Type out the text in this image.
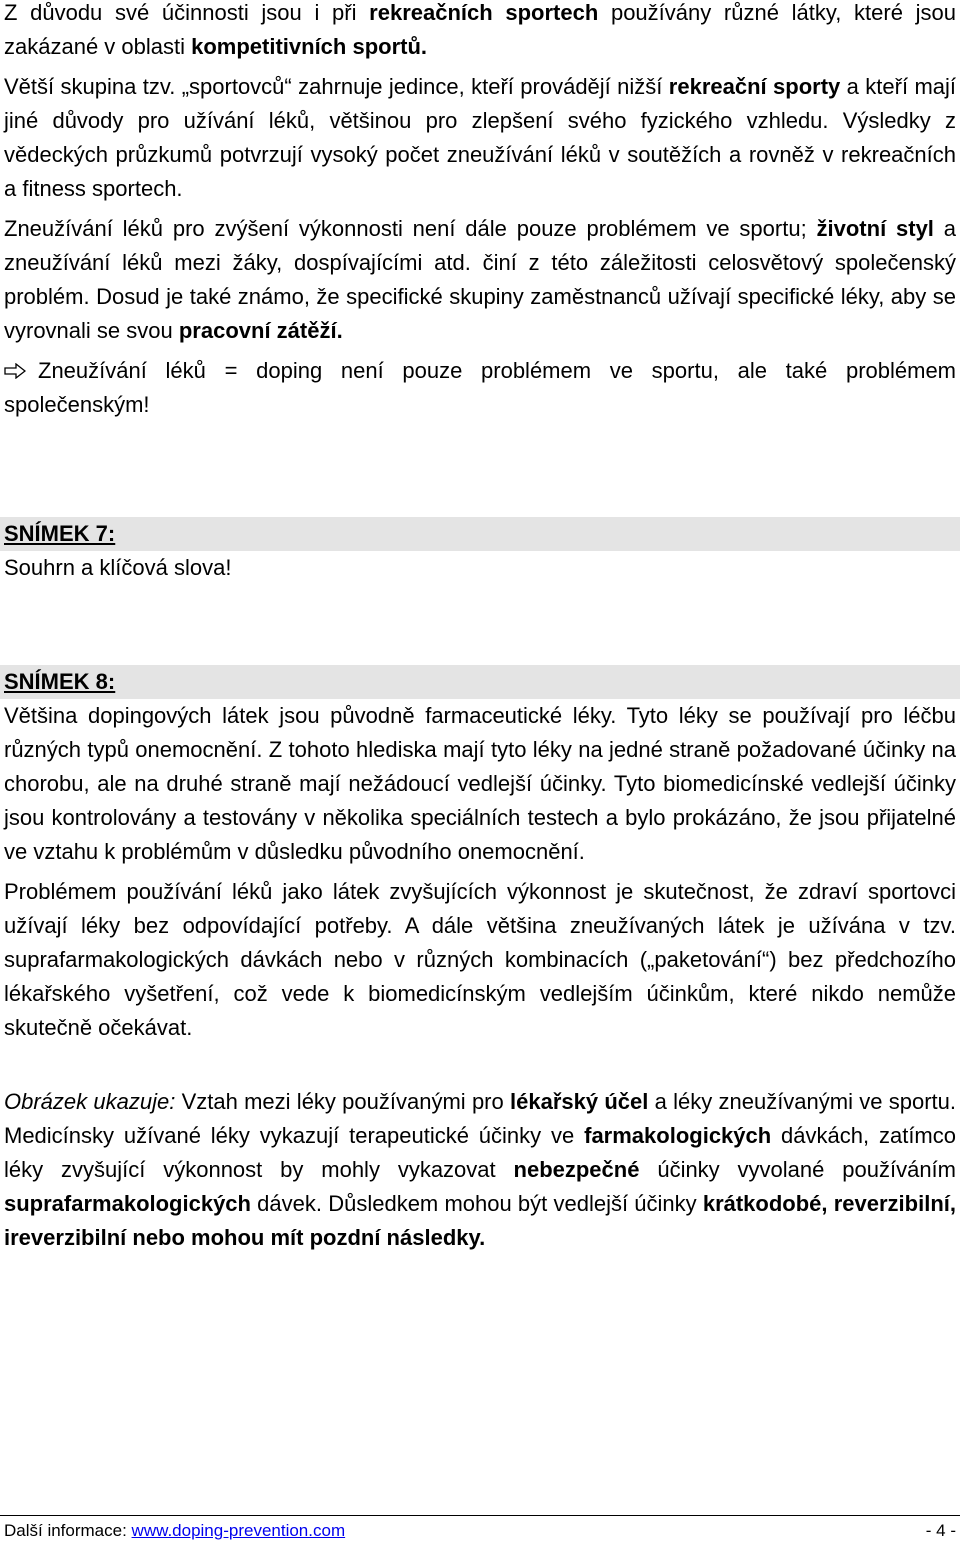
Z důvodu své účinnosti jsou i při rekreačních sportech používány různé látky, které jsou zakázané v oblasti kompetitivních sportů.

Větší skupina tzv. „sportovců“ zahrnuje jedince, kteří provádějí nižší rekreační sporty a kteří mají jiné důvody pro užívání léků, většinou pro zlepšení svého fyzického vzhledu. Výsledky z vědeckých průzkumů potvrzují vysoký počet zneužívání léků v soutěžích a rovněž v rekreačních a fitness sportech.

Zneužívání léků pro zvýšení výkonnosti není dále pouze problémem ve sportu; životní styl a zneužívání léků mezi žáky, dospívajícími atd. činí z této záležitosti celosvětový společenský problém. Dosud je také známo, že specifické skupiny zaměstnanců užívají specifické léky, aby se vyrovnali se svou pracovní zátěží.

Zneužívání léků = doping není pouze problémem ve sportu, ale také problémem společenským!

SNÍMEK 7:

Souhrn a klíčová slova!

SNÍMEK 8:

Většina dopingových látek jsou původně farmaceutické léky. Tyto léky se používají pro léčbu různých typů onemocnění. Z tohoto hlediska mají tyto léky na jedné straně požadované účinky na chorobu, ale na druhé straně mají nežádoucí vedlejší účinky. Tyto biomedicínské vedlejší účinky jsou kontrolovány a testovány v několika speciálních testech a bylo prokázáno, že jsou přijatelné ve vztahu k problémům v důsledku původního onemocnění.

Problémem používání léků jako látek zvyšujících výkonnost je skutečnost, že zdraví sportovci užívají léky bez odpovídající potřeby. A dále většina zneužívaných látek je užívána v tzv. suprafarmakologických dávkách nebo v různých kombinacích („paketování“) bez předchozího lékařského vyšetření, což vede k biomedicínským vedlejším účinkům, které nikdo nemůže skutečně očekávat.

Obrázek ukazuje: Vztah mezi léky používanými pro lékařský účel a léky zneužívanými ve sportu. Medicínsky užívané léky vykazují terapeutické účinky ve farmakologických dávkách, zatímco léky zvyšující výkonnost by mohly vykazovat nebezpečné účinky vyvolané používáním suprafarmakologických dávek. Důsledkem mohou být vedlejší účinky krátkodobé, reverzibilní, ireverzibilní nebo mohou mít pozdní následky.

Další informace: www.doping-prevention.com	- 4 -
